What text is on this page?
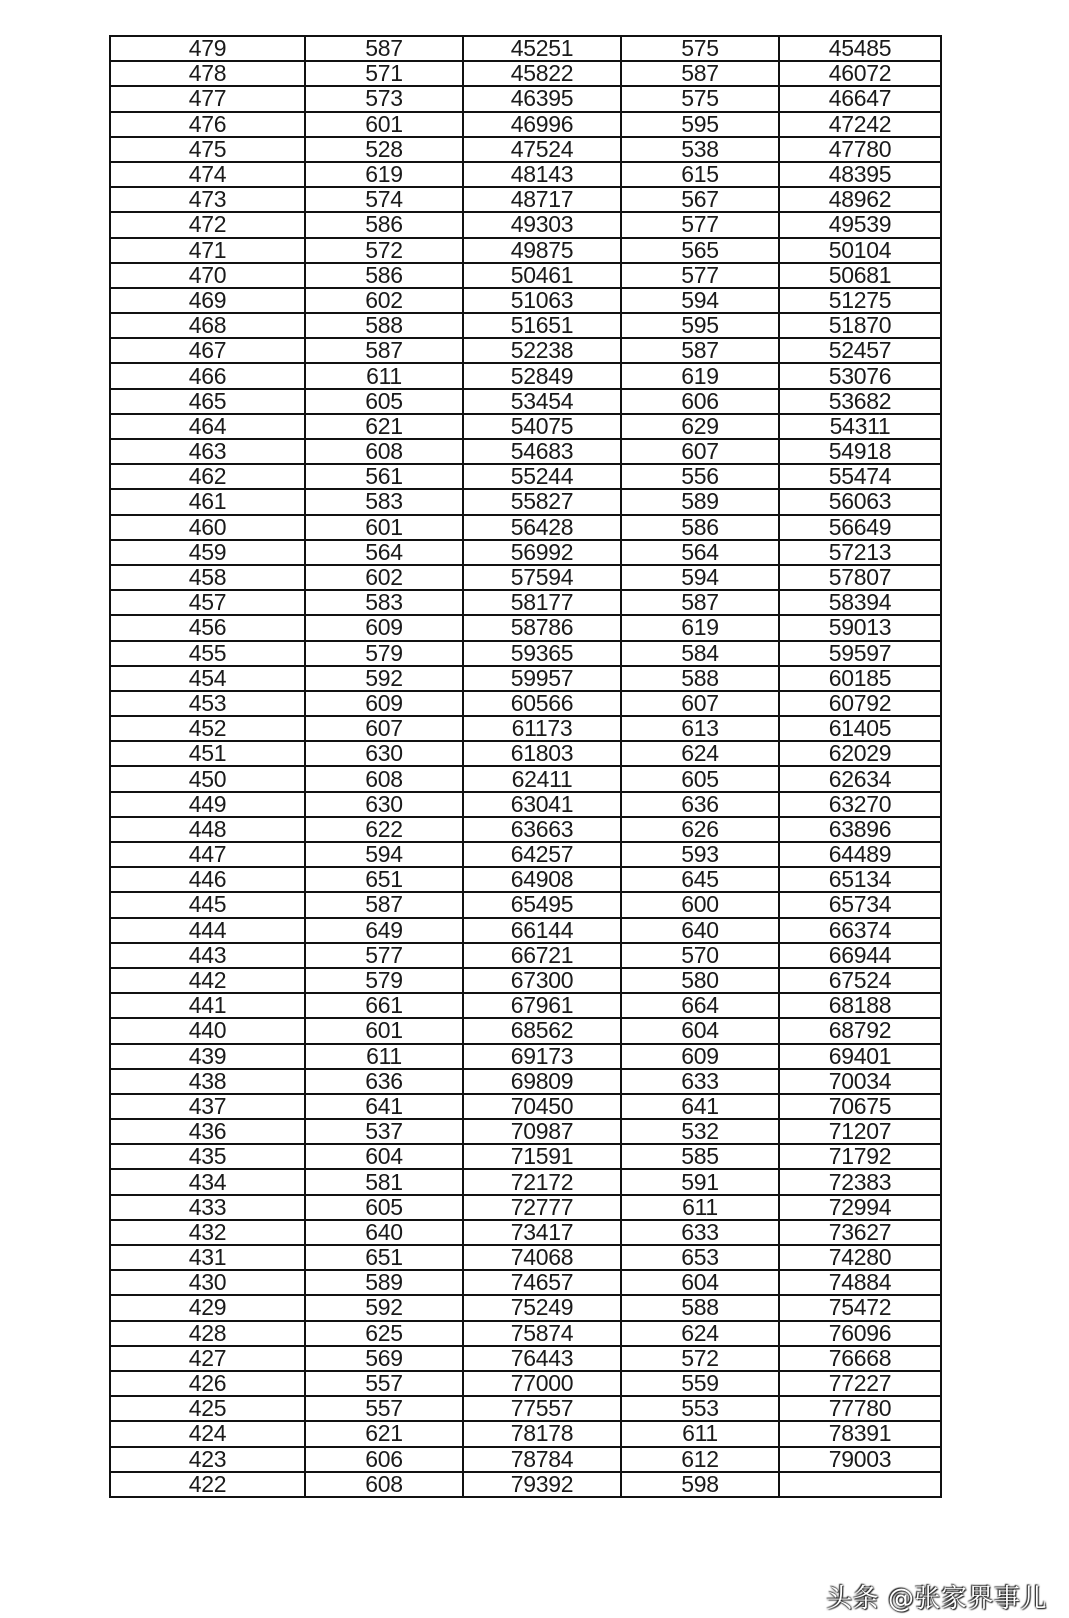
479	587	45251	575	45485
478	571	45822	587	46072
477	573	46395	575	46647
476	601	46996	595	47242
475	528	47524	538	47780
474	619	48143	615	48395
473	574	48717	567	48962
472	586	49303	577	49539
471	572	49875	565	50104
470	586	50461	577	50681
469	602	51063	594	51275
468	588	51651	595	51870
467	587	52238	587	52457
466	611	52849	619	53076
465	605	53454	606	53682
464	621	54075	629	54311
463	608	54683	607	54918
462	561	55244	556	55474
461	583	55827	589	56063
460	601	56428	586	56649
459	564	56992	564	57213
458	602	57594	594	57807
457	583	58177	587	58394
456	609	58786	619	59013
455	579	59365	584	59597
454	592	59957	588	60185
453	609	60566	607	60792
452	607	61173	613	61405
451	630	61803	624	62029
450	608	62411	605	62634
449	630	63041	636	63270
448	622	63663	626	63896
447	594	64257	593	64489
446	651	64908	645	65134
445	587	65495	600	65734
444	649	66144	640	66374
443	577	66721	570	66944
442	579	67300	580	67524
441	661	67961	664	68188
440	601	68562	604	68792
439	611	69173	609	69401
438	636	69809	633	70034
437	641	70450	641	70675
436	537	70987	532	71207
435	604	71591	585	71792
434	581	72172	591	72383
433	605	72777	611	72994
432	640	73417	633	73627
431	651	74068	653	74280
430	589	74657	604	74884
429	592	75249	588	75472
428	625	75874	624	76096
427	569	76443	572	76668
426	557	77000	559	77227
425	557	77557	553	77780
424	621	78178	611	78391
423	606	78784	612	79003
422	608	79392	598	
头条 @张家界事儿
